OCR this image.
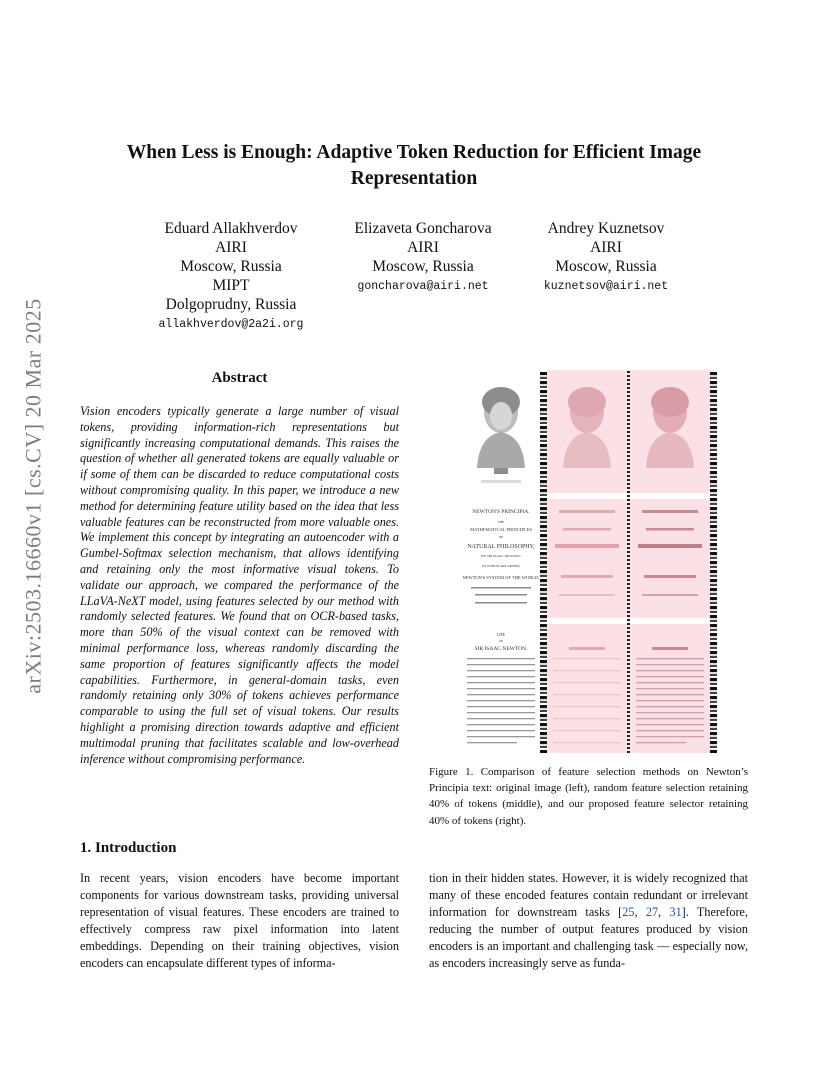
arXiv:2503.16660v1 [cs.CV] 20 Mar 2025
When Less is Enough: Adaptive Token Reduction for Efficient Image Representation
Eduard Allakhverdov
AIRI
Moscow, Russia
MIPT
Dolgoprudny, Russia
allakhverdov@2a2i.org
Elizaveta Goncharova
AIRI
Moscow, Russia
goncharova@airi.net
Andrey Kuznetsov
AIRI
Moscow, Russia
kuznetsov@airi.net
Abstract

Vision encoders typically generate a large number of visual tokens, providing information-rich representations but significantly increasing computational demands. This raises the question of whether all generated tokens are equally valuable or if some of them can be discarded to reduce computational costs without compromising quality. In this paper, we introduce a new method for determining feature utility based on the idea that less valuable features can be reconstructed from more valuable ones. We implement this concept by integrating an autoencoder with a Gumbel-Softmax selection mechanism, that allows identifying and retaining only the most informative visual tokens. To validate our approach, we compared the performance of the LLaVA-NeXT model, using features selected by our method with randomly selected features. We found that on OCR-based tasks, more than 50% of the visual context can be removed with minimal performance loss, whereas randomly discarding the same proportion of features significantly affects the model capabilities. Furthermore, in general-domain tasks, even randomly retaining only 30% of tokens achieves performance comparable to using the full set of visual tokens. Our results highlight a promising direction towards adaptive and efficient multimodal pruning that facilitates scalable and low-overhead inference without compromising performance.

NEWTON'S PRINCIPIA.
THE
MATHEMATICAL PRINCIPLES
OF
NATURAL PHILOSOPHY,
BY SIR ISAAC NEWTON;
TO WHICH ARE ADDED,
NEWTON'S SYSTEM OF THE WORLD;
LIFE
OF
SIR ISAAC NEWTON.

Figure 1. Comparison of feature selection methods on Newton’s Principia text: original image (left), random feature selection retaining 40% of tokens (middle), and our proposed feature selector retaining 40% of tokens (right).

1. Introduction

In recent years, vision encoders have become important components for various downstream tasks, providing universal representation of visual features. These encoders are trained to effectively compress raw pixel information into latent embeddings. Depending on their training objectives, vision encoders can encapsulate different types of informa-

tion in their hidden states. However, it is widely recognized that many of these encoded features contain redundant or irrelevant information for downstream tasks [25, 27, 31]. Therefore, reducing the number of output features produced by vision encoders is an important and challenging task — especially now, as encoders increasingly serve as funda-
